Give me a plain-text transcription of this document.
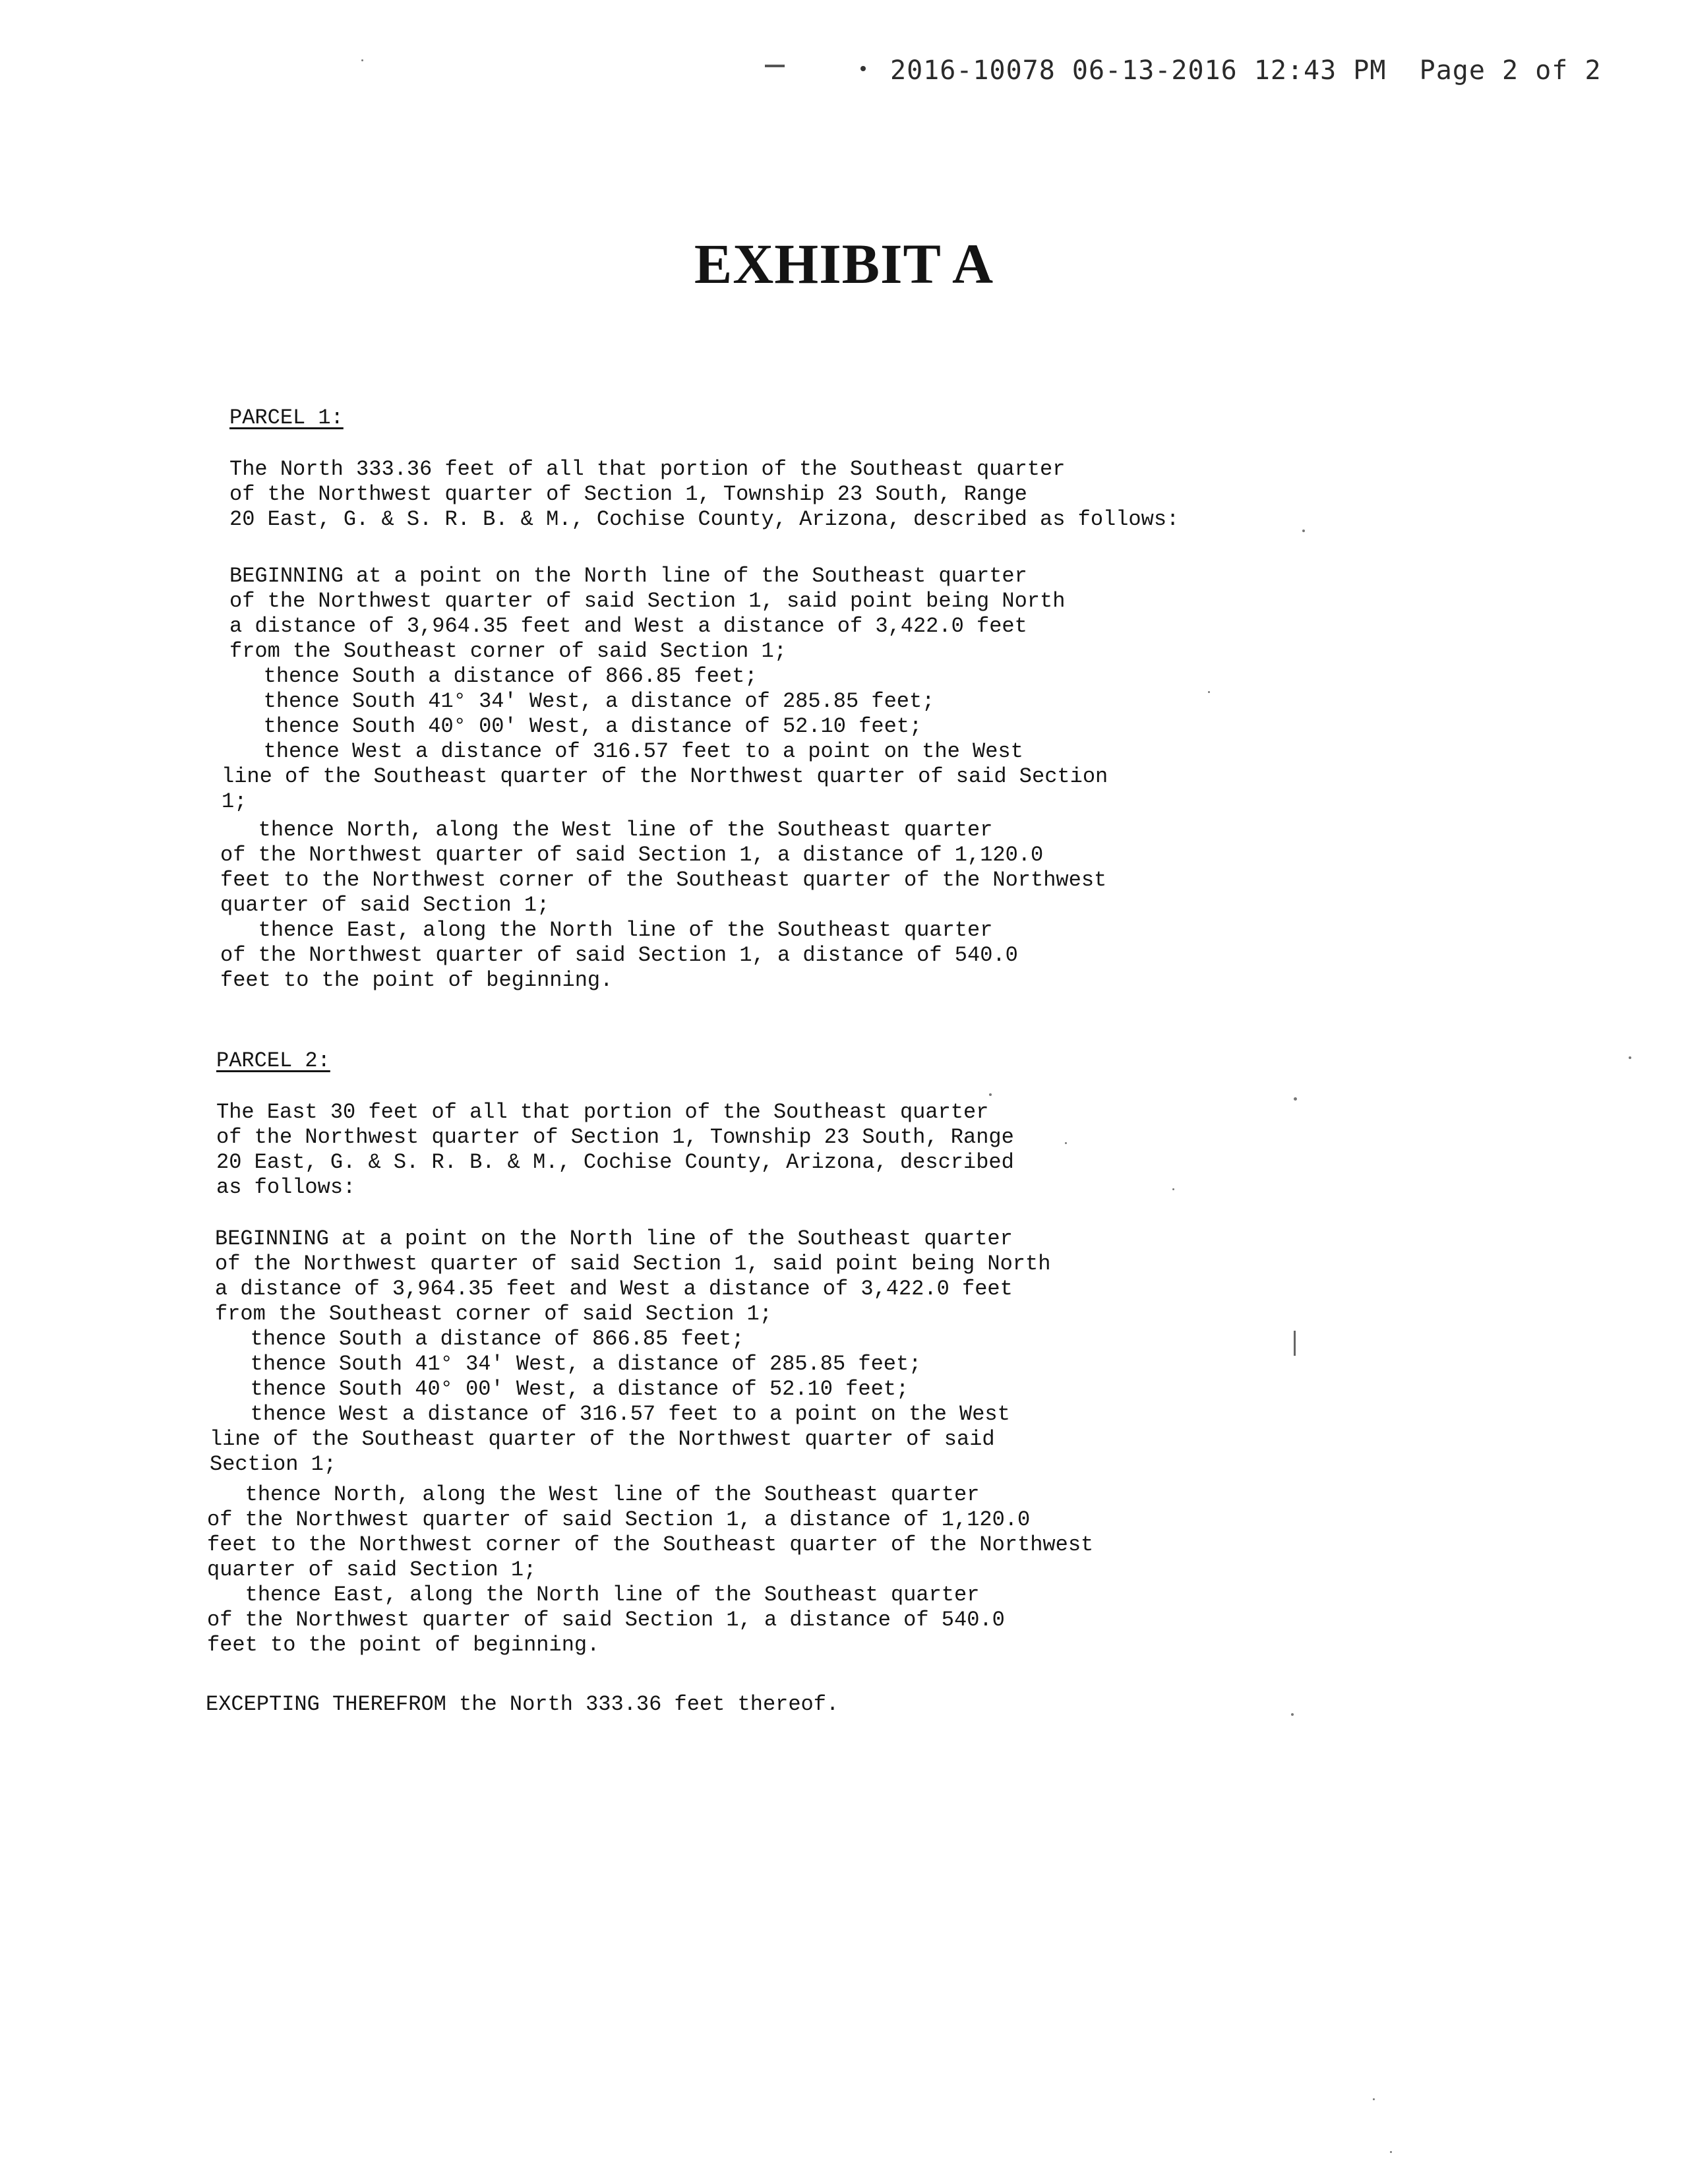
2016-10078 06-13-2016 12:43 PM  Page 2 of 2
EXHIBIT A
PARCEL 1:
The North 333.36 feet of all that portion of the Southeast quarter
of the Northwest quarter of Section 1, Township 23 South, Range
20 East, G. & S. R. B. & M., Cochise County, Arizona, described as follows:
BEGINNING at a point on the North line of the Southeast quarter
of the Northwest quarter of said Section 1, said point being North
a distance of 3,964.35 feet and West a distance of 3,422.0 feet
from the Southeast corner of said Section 1;
thence South a distance of 866.85 feet;
thence South 41° 34' West, a distance of 285.85 feet;
thence South 40° 00' West, a distance of 52.10 feet;
thence West a distance of 316.57 feet to a point on the West
line of the Southeast quarter of the Northwest quarter of said Section
1;
thence North, along the West line of the Southeast quarter
of the Northwest quarter of said Section 1, a distance of 1,120.0
feet to the Northwest corner of the Southeast quarter of the Northwest
quarter of said Section 1;
thence East, along the North line of the Southeast quarter
of the Northwest quarter of said Section 1, a distance of 540.0
feet to the point of beginning.
PARCEL 2:
The East 30 feet of all that portion of the Southeast quarter
of the Northwest quarter of Section 1, Township 23 South, Range
20 East, G. & S. R. B. & M., Cochise County, Arizona, described
as follows:
BEGINNING at a point on the North line of the Southeast quarter
of the Northwest quarter of said Section 1, said point being North
a distance of 3,964.35 feet and West a distance of 3,422.0 feet
from the Southeast corner of said Section 1;
thence South a distance of 866.85 feet;
thence South 41° 34' West, a distance of 285.85 feet;
thence South 40° 00' West, a distance of 52.10 feet;
thence West a distance of 316.57 feet to a point on the West
line of the Southeast quarter of the Northwest quarter of said
Section 1;
thence North, along the West line of the Southeast quarter
of the Northwest quarter of said Section 1, a distance of 1,120.0
feet to the Northwest corner of the Southeast quarter of the Northwest
quarter of said Section 1;
thence East, along the North line of the Southeast quarter
of the Northwest quarter of said Section 1, a distance of 540.0
feet to the point of beginning.
EXCEPTING THEREFROM the North 333.36 feet thereof.
